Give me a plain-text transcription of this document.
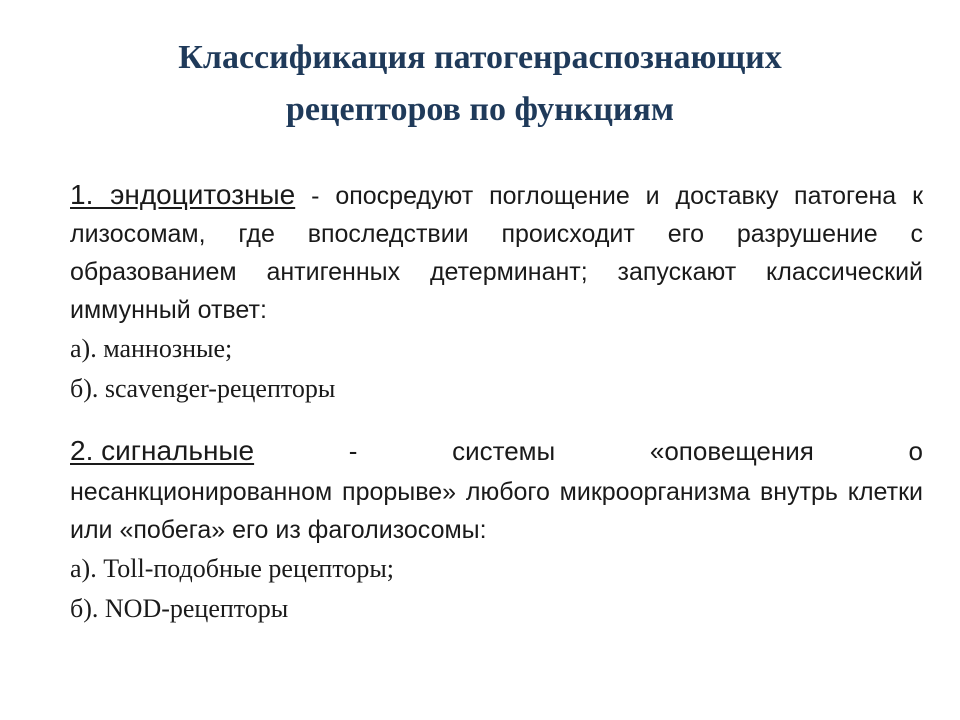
Классификация патогенраспознающих
рецепторов по функциям
1. эндоцитозные - опосредуют поглощение и доставку патогена к лизосомам, где впоследствии происходит его разрушение с образованием антигенных детерминант; запускают классический иммунный ответ:
а). маннозные;
б). scavenger-рецепторы
2. сигнальные	-	системы	«оповещения	о
несанкционированном прорыве» любого микроорганизма внутрь клетки или «побега» его из фаголизосомы:
а). Toll-подобные рецепторы;
б). NOD-рецепторы
